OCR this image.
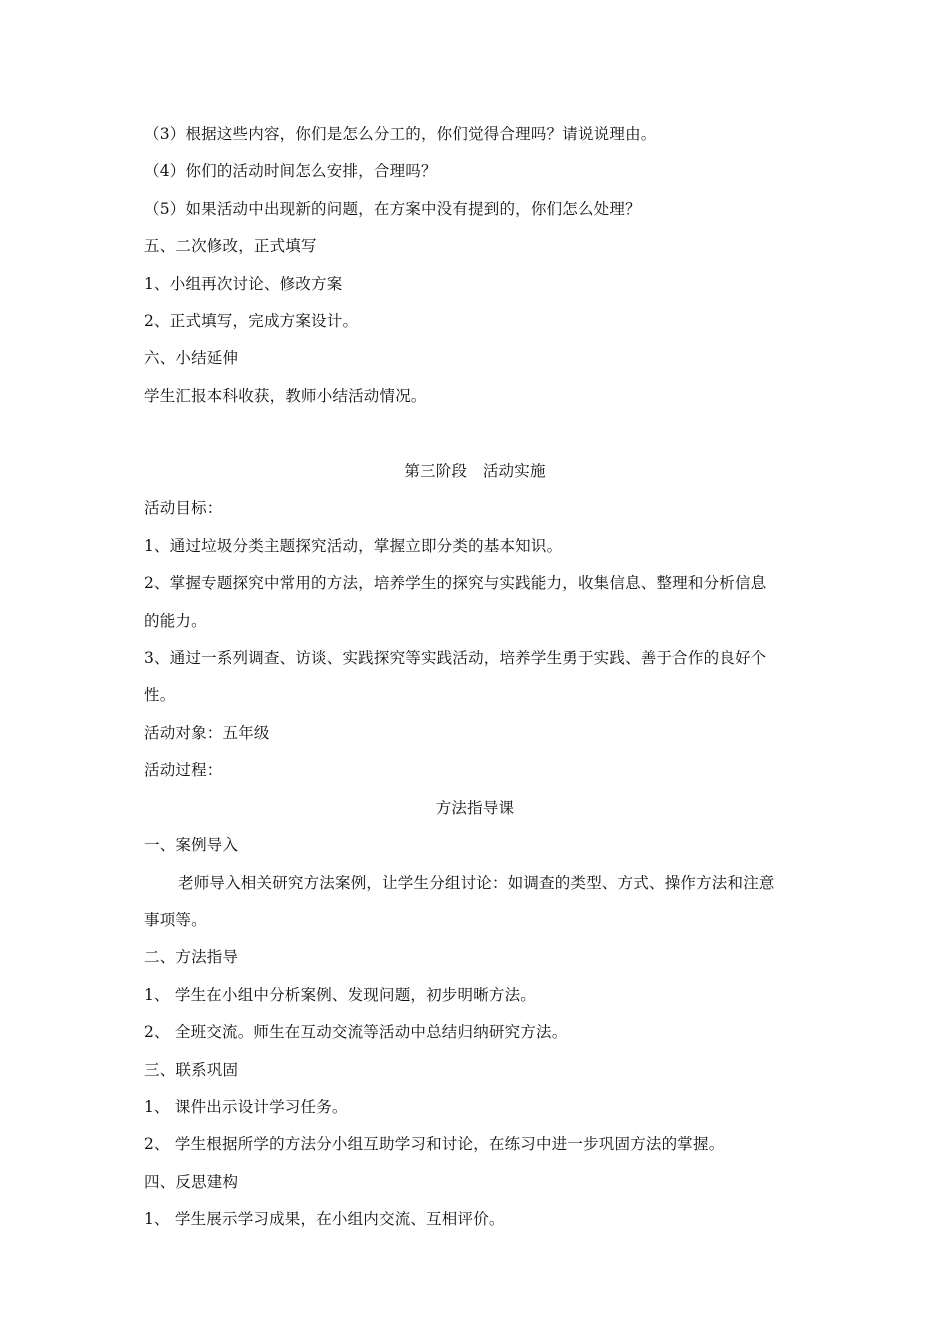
（3）根据这些内容，你们是怎么分工的，你们觉得合理吗？请说说理由。
（4）你们的活动时间怎么安排，合理吗？
（5）如果活动中出现新的问题，在方案中没有提到的，你们怎么处理？
五、二次修改，正式填写
1、小组再次讨论、修改方案
2、正式填写，完成方案设计。
六、小结延伸
学生汇报本科收获，教师小结活动情况。
第三阶段　活动实施
活动目标：
1、通过垃圾分类主题探究活动，掌握立即分类的基本知识。
2、掌握专题探究中常用的方法，培养学生的探究与实践能力，收集信息、整理和分析信息
的能力。
3、通过一系列调查、访谈、实践探究等实践活动，培养学生勇于实践、善于合作的良好个
性。
活动对象：五年级
活动过程：
方法指导课
一、案例导入
老师导入相关研究方法案例，让学生分组讨论：如调查的类型、方式、操作方法和注意
事项等。
二、方法指导
1、 学生在小组中分析案例、发现问题，初步明晰方法。
2、 全班交流。师生在互动交流等活动中总结归纳研究方法。
三、联系巩固
1、 课件出示设计学习任务。
2、 学生根据所学的方法分小组互助学习和讨论，在练习中进一步巩固方法的掌握。
四、反思建构
1、 学生展示学习成果，在小组内交流、互相评价。
